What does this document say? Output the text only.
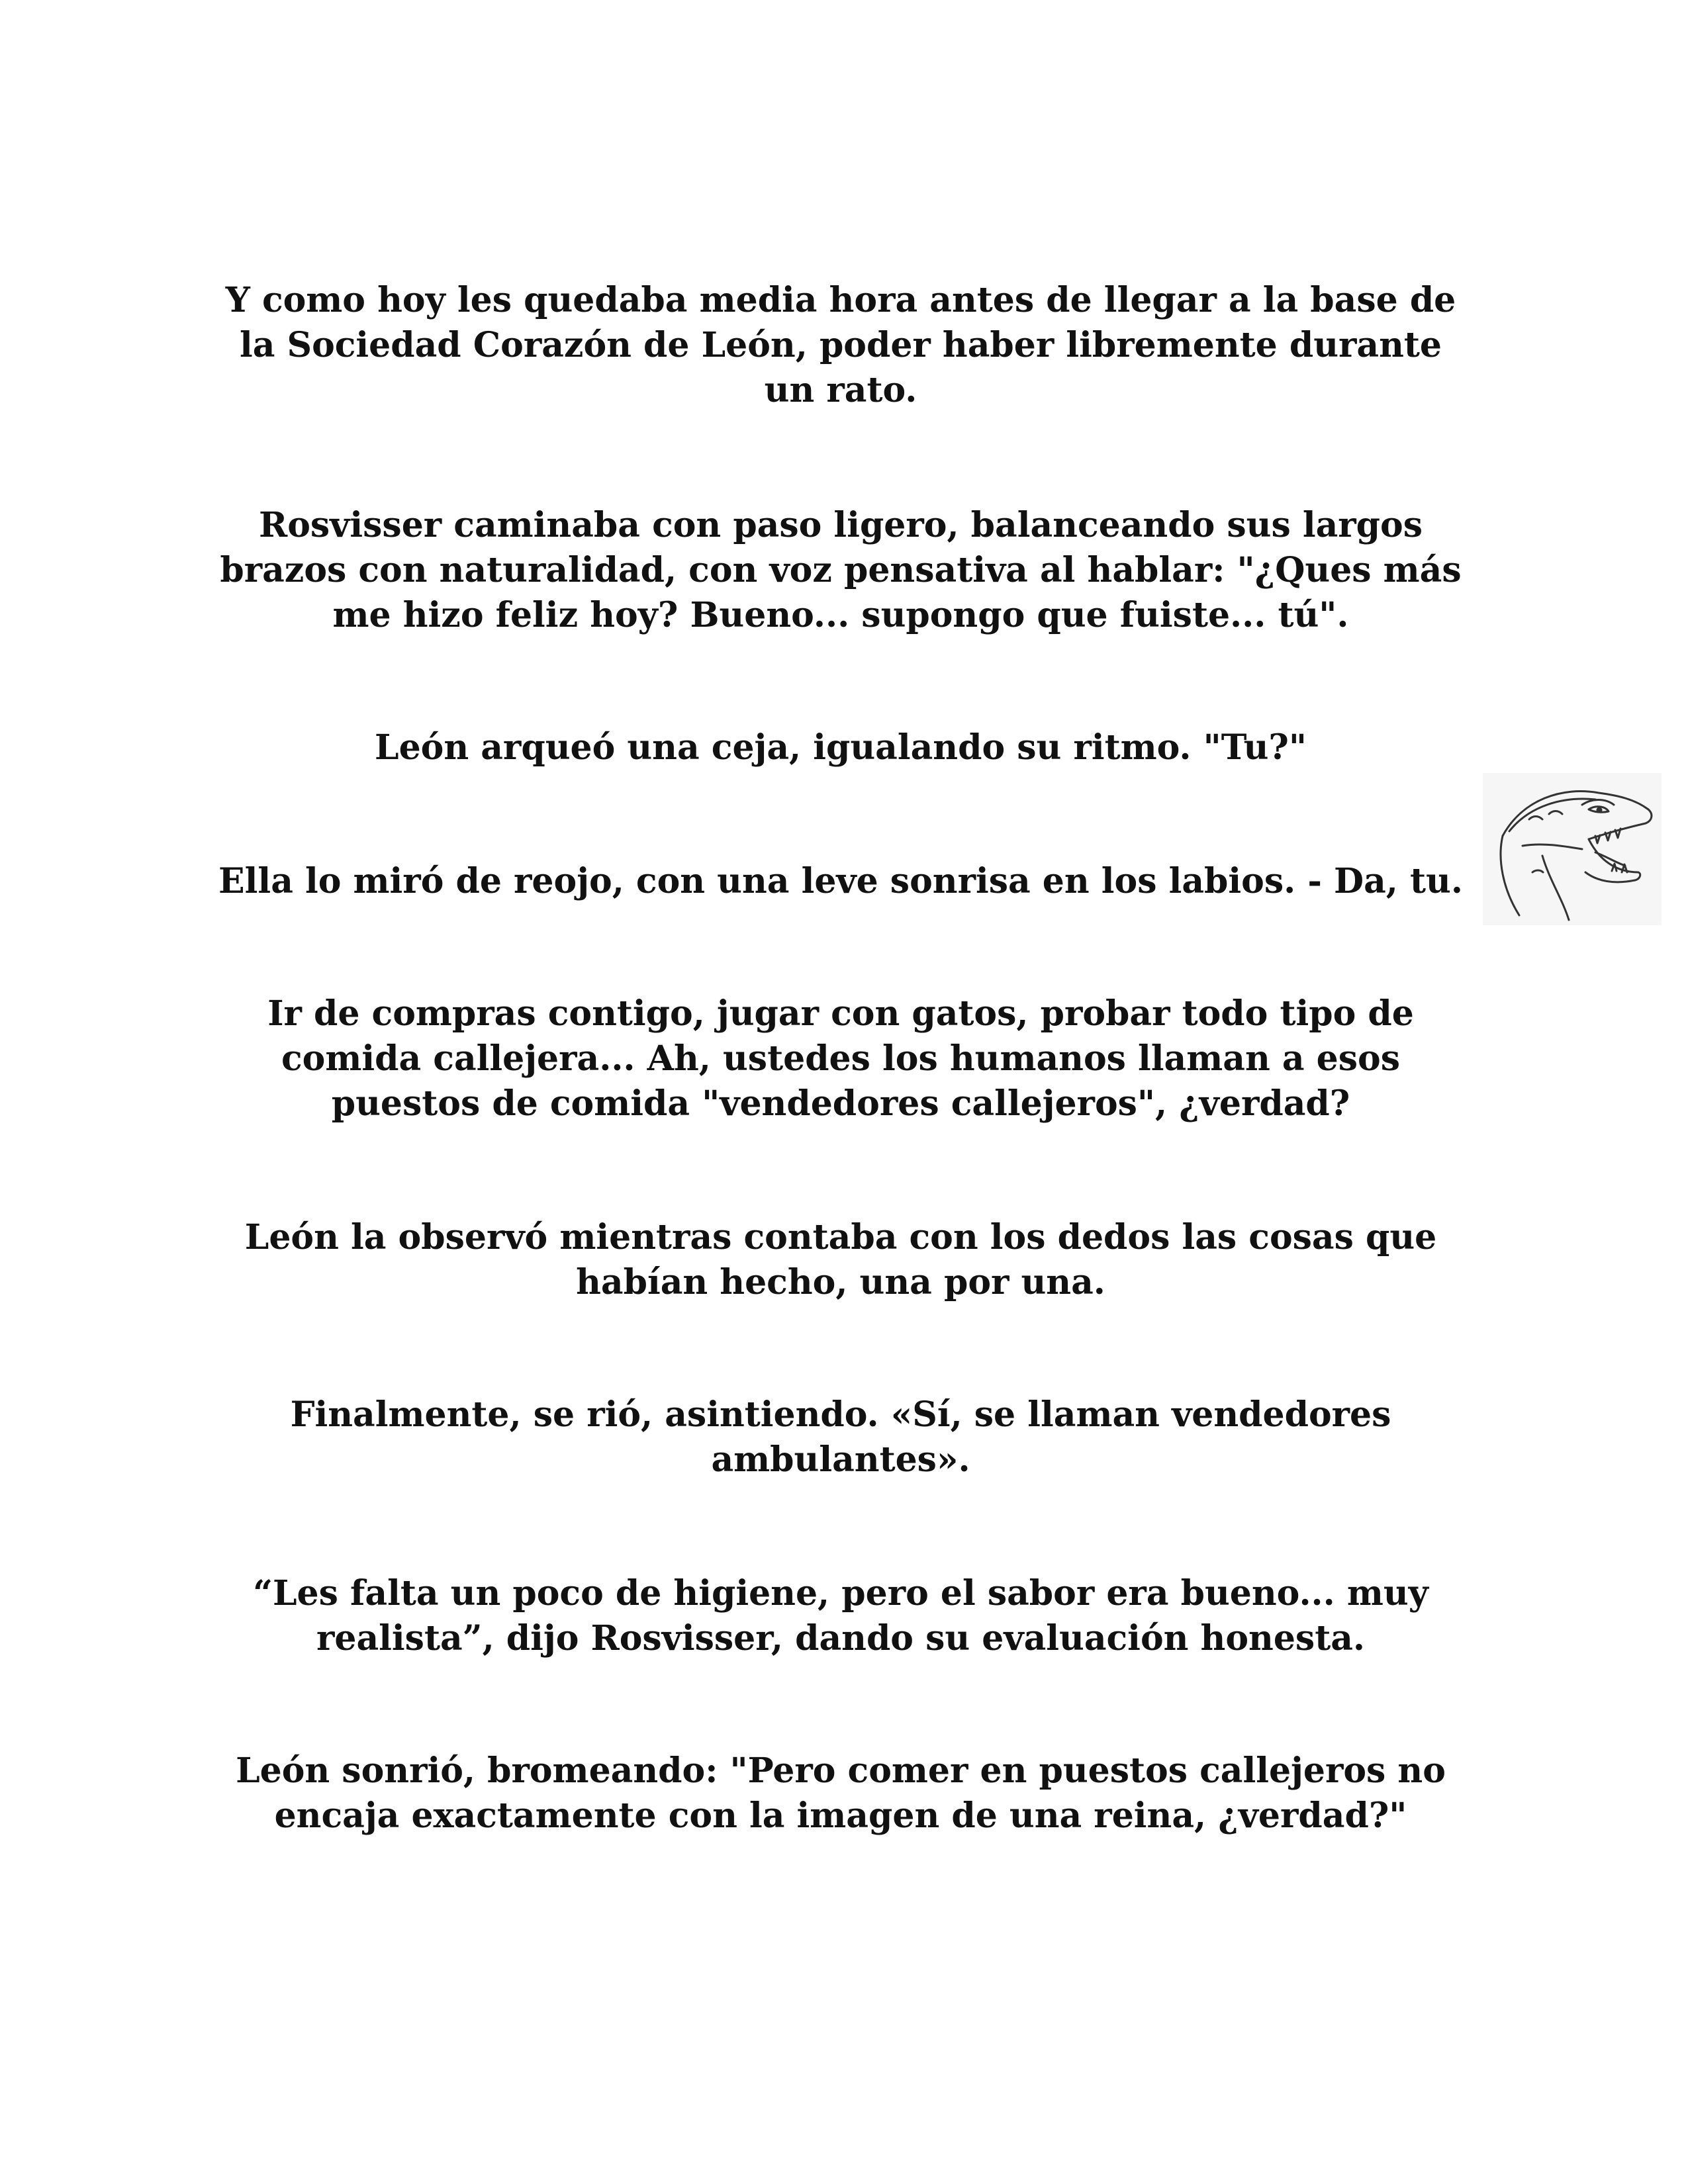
Y como hoy les quedaba media hora antes de llegar a la base de la Sociedad Corazón de León, poder haber libremente durante un rato.

Rosvisser caminaba con paso ligero, balanceando sus largos brazos con naturalidad, con voz pensativa al hablar: "¿Ques más me hizo feliz hoy? Bueno... supongo que fuiste... tú".

León arqueó una ceja, igualando su ritmo. "Tu?"

Ella lo miró de reojo, con una leve sonrisa en los labios. - Da, tu.

Ir de compras contigo, jugar con gatos, probar todo tipo de comida callejera... Ah, ustedes los humanos llaman a esos puestos de comida "vendedores callejeros", ¿verdad?

León la observó mientras contaba con los dedos las cosas que habían hecho, una por una.

Finalmente, se rió, asintiendo. «Sí, se llaman vendedores ambulantes».

“Les falta un poco de higiene, pero el sabor era bueno... muy realista”, dijo Rosvisser, dando su evaluación honesta.

León sonrió, bromeando: "Pero comer en puestos callejeros no encaja exactamente con la imagen de una reina, ¿verdad?"
